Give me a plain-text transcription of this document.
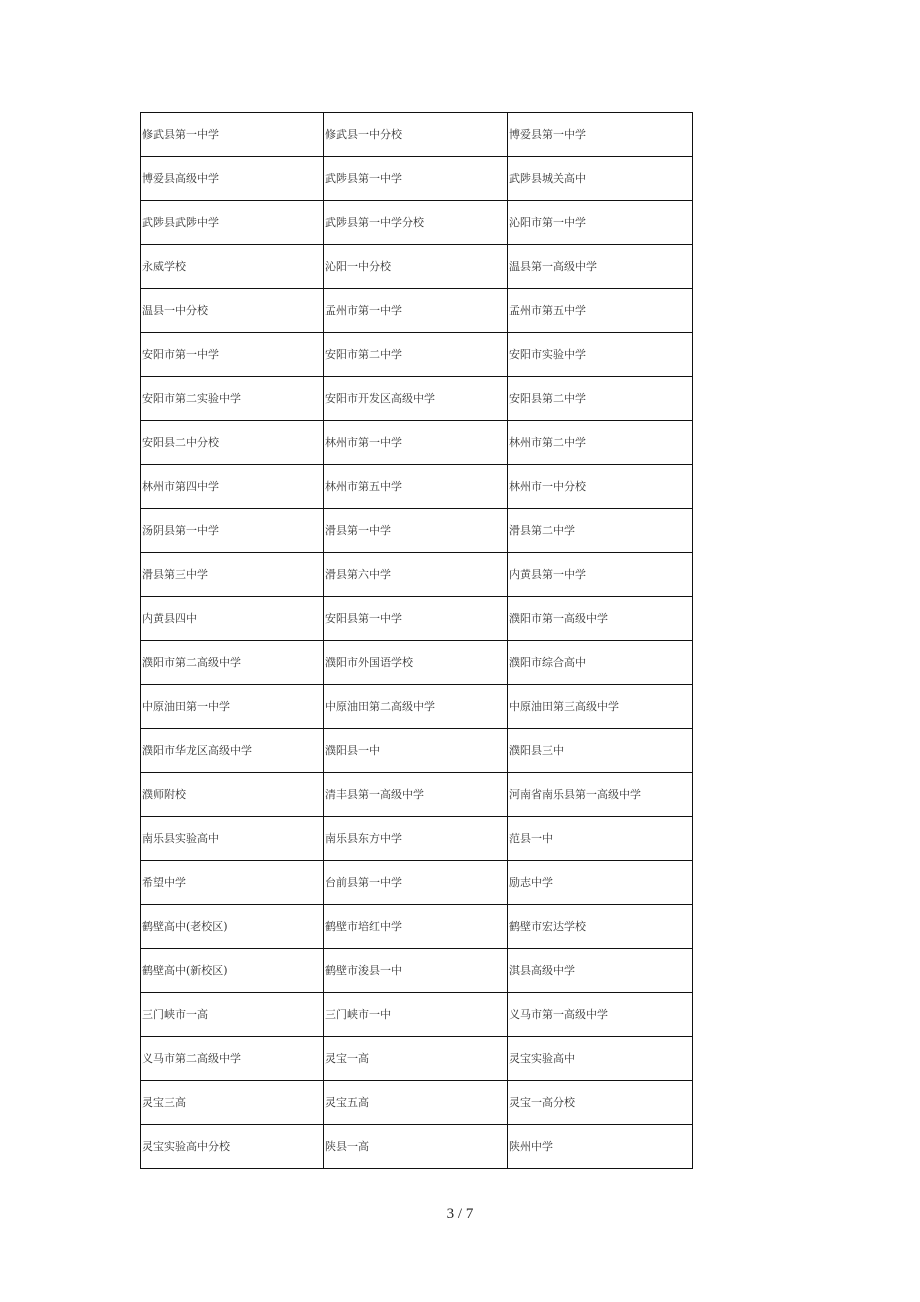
修武县第一中学	修武县一中分校	博爱县第一中学
博爱县高级中学	武陟县第一中学	武陟县城关高中
武陟县武陟中学	武陟县第一中学分校	沁阳市第一中学
永威学校	沁阳一中分校	温县第一高级中学
温县一中分校	孟州市第一中学	孟州市第五中学
安阳市第一中学	安阳市第二中学	安阳市实验中学
安阳市第二实验中学	安阳市开发区高级中学	安阳县第二中学
安阳县二中分校	林州市第一中学	林州市第二中学
林州市第四中学	林州市第五中学	林州市一中分校
汤阴县第一中学	滑县第一中学	滑县第二中学
滑县第三中学	滑县第六中学	内黄县第一中学
内黄县四中	安阳县第一中学	濮阳市第一高级中学
濮阳市第二高级中学	濮阳市外国语学校	濮阳市综合高中
中原油田第一中学	中原油田第二高级中学	中原油田第三高级中学
濮阳市华龙区高级中学	濮阳县一中	濮阳县三中
濮师附校	清丰县第一高级中学	河南省南乐县第一高级中学
南乐县实验高中	南乐县东方中学	范县一中
希望中学	台前县第一中学	励志中学
鹤壁高中(老校区)	鹤壁市培红中学	鹤壁市宏达学校
鹤壁高中(新校区)	鹤壁市浚县一中	淇县高级中学
三门峡市一高	三门峡市一中	义马市第一高级中学
义马市第二高级中学	灵宝一高	灵宝实验高中
灵宝三高	灵宝五高	灵宝一高分校
灵宝实验高中分校	陕县一高	陕州中学
3 / 7
